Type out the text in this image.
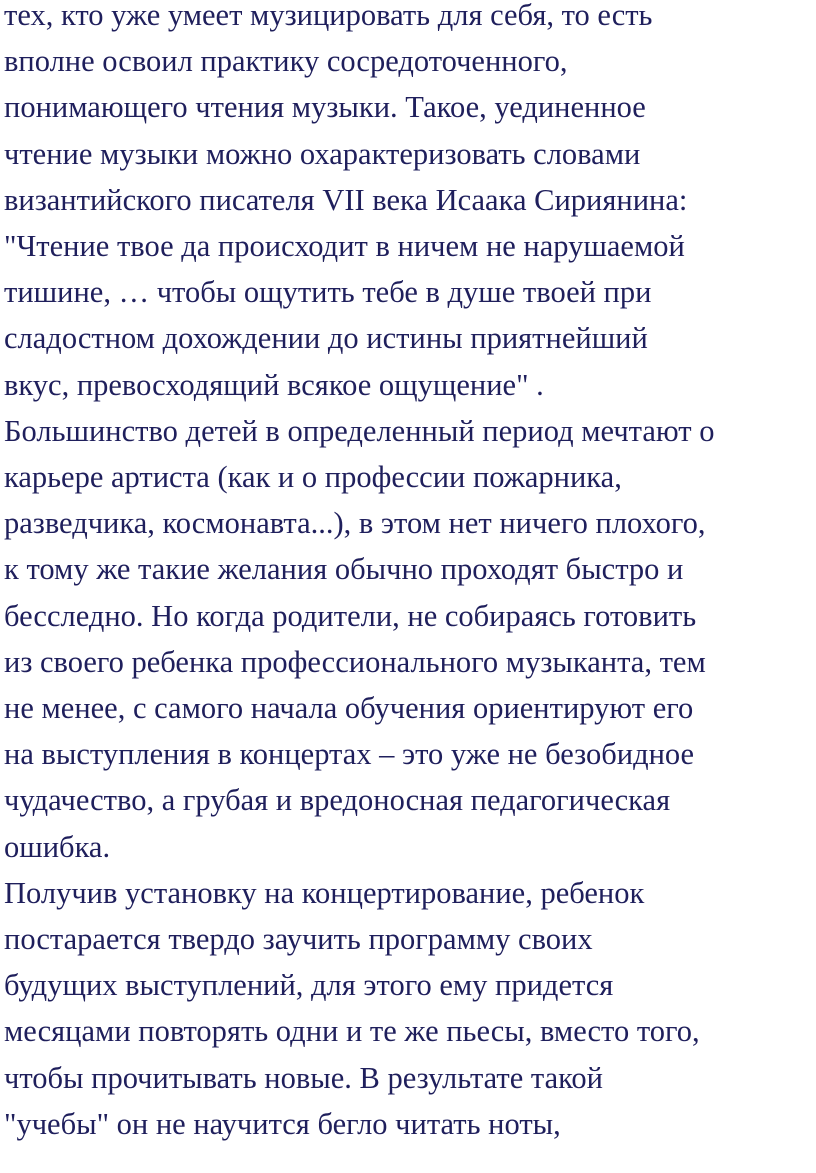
тех, кто уже умеет музицировать для себя, то есть
вполне освоил практику сосредоточенного,
понимающего чтения музыки. Такое, уединенное
чтение музыки можно охарактеризовать словами
византийского писателя VII века Исаака Сириянина:
"Чтение твое да происходит в ничем не нарушаемой
тишине, … чтобы ощутить тебе в душе твоей при
сладостном дохождении до истины приятнейший
вкус, превосходящий всякое ощущение" .
Большинство детей в определенный период мечтают о
карьере артиста (как и о профессии пожарника,
разведчика, космонавта...), в этом нет ничего плохого,
к тому же такие желания обычно проходят быстро и
бесследно. Но когда родители, не собираясь готовить
из своего ребенка профессионального музыканта, тем
не менее, с самого начала обучения ориентируют его
на выступления в концертах – это уже не безобидное
чудачество, а грубая и вредоносная педагогическая
ошибка.
Получив установку на концертирование, ребенок
постарается твердо заучить программу своих
будущих выступлений, для этого ему придется
месяцами повторять одни и те же пьесы, вместо того,
чтобы прочитывать новые. В результате такой
"учебы" он не научится бегло читать ноты,
